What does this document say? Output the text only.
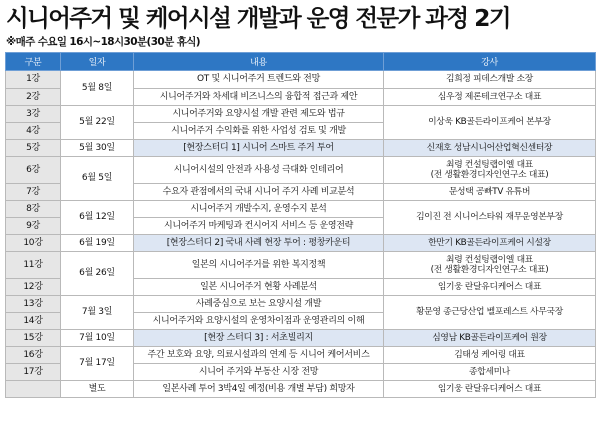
시니어주거 및 케어시설 개발과 운영 전문가 과정 2기
※매주 수요일 16시~18시30분(30분 휴식)
구분	일자	내용	강사
1강	5월 8일	OT 및 시니어주거 트렌드와 전망	김희정 피데스개발 소장
2강		시니어주거와 차세대 비즈니스의 융합적 접근과 제안	심우정 제론테크연구소 대표
3강	5월 22일	시니어주거와 요양시설 개발 관련 제도와 법규	이상욱 KB골든라이프케어 본부장
4강		시니어주거 수익화를 위한 사업성 검토 및 개발	
5강	5월 30일	[현장스터디 1] 시니어 스마트 주거 투어	신재호 성남시니어산업혁신센터장
6강	6월 5일	시니어시설의 안전과 사용성 극대화 인테리어	최령 컨설팅랩이엘 대표
(전 생활환경디자인연구소 대표)

7강		수요자 관점에서의 국내 시니어 주거 사례 비교분석	문성택 공빠TV 유튜버
8강	6월 12일	시니어주거 개발수지, 운영수지 분석	김이진 전 시니어스타워 재무운영본부장
9강		시니어주거 마케팅과 컨시어지 서비스 등 운영전략	
10강	6월 19일	[현장스터디 2] 국내 사례 현장 투어 : 평창카운티	한만기 KB골든라이프케어 시설장
11강	6월 26일	일본의 시니어주거를 위한 복지정책	최령 컨설팅랩이엘 대표
(전 생활환경디자인연구소 대표)

12강		일본 시니어주거 현황 사례분석	임기웅 란달유디케어스 대표
13강	7월 3일	사례중심으로 보는 요양시설 개발	황문영 종근당산업 벨포레스트 사무국장
14강		시니어주거와 요양시설의 운영차이점과 운영관리의 이해	
15강	7월 10일	[현장 스터디 3] : 서초빌리지	심영남 KB골든라이프케어 원장
16강	7월 17일	주간 보호와 요양, 의료시설과의 연계 등 시니어 케어서비스	김태성 케어링 대표
17강		시니어 주거와 부동산 시장 전망	종합세미나
	별도	일본사례 투어 3박4일 예정(비용 개별 부담) 희망자	임기웅 란달유디케어스 대표
